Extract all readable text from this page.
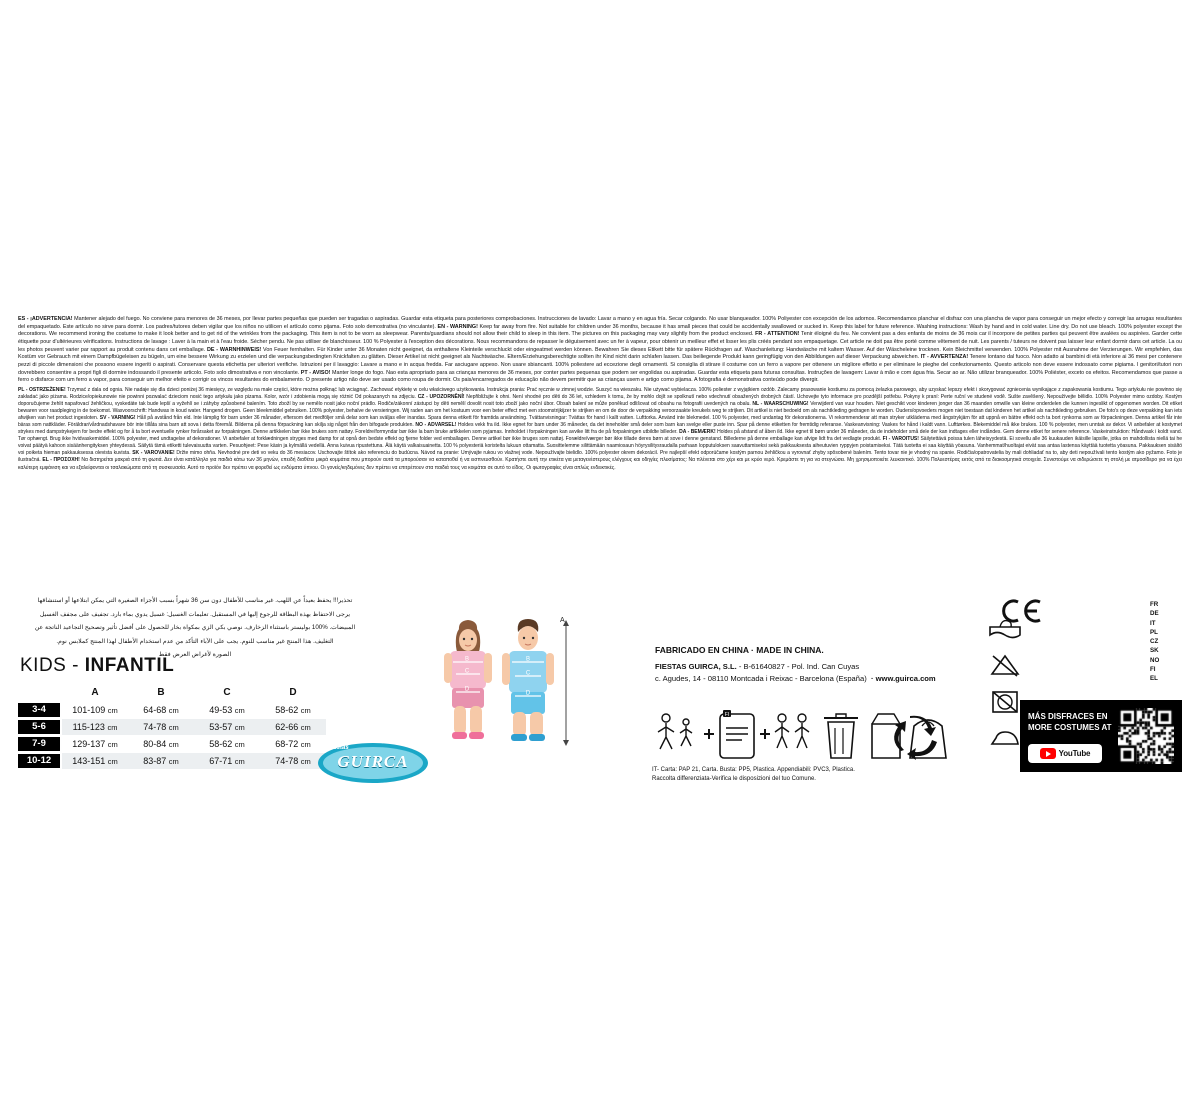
ES - ¡ADVERTENCIA! Mantener alejado del fuego. No conviene para menores de 36 meses, por llevar partes pequeñas que pueden ser tragadas o aspiradas. Guardar esta etiqueta para posteriores comprobaciones. Instrucciones de lavado: Lavar a mano y en agua fría. Secar colgando. No usar blanqueador. 100% Poliyester con excepción de los adornos. Recomendamos planchar el disfraz con una plancha de vapor para conseguir un mejor efecto y corregir las arrugas resultantes del empaquetado. Este artículo no sirve para dormir. Los padres/tutores deben vigilar que los niños no utilicen el artículo como pijama. Foto solo demostrativa (no vinculante). EN - WARNING! Keep far away from fire. Not suitable for children under 36 months, because it has small pieces that could be accidentally swallowed or sucked in. Keep this label for future reference. Washing instructions: Wash by hand and in cold water. Line dry. Do not use bleach. 100% polyester except the decorations. We recommend ironing the costume to make it look better and to get rid of the wrinkles from the packaging. This item is not to be worn as sleepwear. Parents/guardians should not allow their child to sleep in this item. The pictures on this packaging may vary slightly from the product enclosed. FR - ATTENTION! Tenir éloigné du feu. Ne convient pas a des enfants de moins de 36 mois car il incorpore de petites parties qui peuvent être avalées ou aspirées. Garder cette étiquette pour d'ultérieures vérifications. Instructions de lavage : Laver à la main et à l'eau froide. Sécher pendu. Ne pas utiliser de blanchisseur. 100 % Polyester à l'exception des décorations. Nous recommandons de repasser le déguisement avec un fer à vapeur, pour obtenir un meilleur effet et lisser les plis créés pendant son empaquetage. Cet article ne doit pas être porté comme vêtement de nuit. Les parents / tuteurs ne doivent pas laisser leur enfant dormir dans cet article. La ou les photos peuvent varier par rapport au produit contenu dans cet emballage. DE - WARNHINWEIS! Von Feuer fernhalten. Für Kinder unter 36 Monaten nicht geeignet, da enthaltene Kleinteile verschluckt oder eingeatmet werden können. Bewahren Sie dieses Etikett bitte für spätere Rückfragen auf. Waschanleitung: Handwäsche mit kaltem Wasser. Auf der Wäscheleine trocknen. Kein Bleichmittel verwenden. 100% Polyester mit Ausnahme der Verzierungen. Wir empfehlen, das Kostüm vor Gebrauch mit einem Dampfbügeleisen zu bügeln, um eine bessere Wirkung zu erzielen und die verpackungsbedingten Knickfalten zu glätten. Dieser Artikel ist nicht geeignet als Nachtwäsche. Eltern/Erziehungsberechtigte sollten ihr Kind nicht darin schlafen lassen. Das beiliegende Produkt kann geringfügig von den Abbildungen auf dieser Verpackung abweichen. IT - AVVERTENZA! Tenere lontano dal fuoco. Non adatto ai bambini di età inferiore ai 36 mesi per contenere pezzi di piccole dimensioni che possono essere ingeriti o aspirati. Conservare questa etichetta per ulteriori verifiche. Istruzioni per il lavaggio: Lavare a mano e in acqua fredda. Far asciugare appeso. Non usare sbiancanti. 100% poliestere ad eccezione degli ornamenti. Si consiglia di stirare il costume con un ferro a vapore per ottenere un migliore effetto e per eliminare le pieghe del confezionamento. Questo articolo non deve essere indossato come pigiama. I genitori/tutori non dovrebbero consentire a propri figli di dormire indossando il presente articolo. Foto solo dimostrativa e non vincolante. PT - AVISO! Manter longe do fogo. Nao esta apropriado para as crianças menores de 36 meses, por conter partes pequenas que podem ser engolidas ou aspiradas. Guardar esta etiqueta para futuras consultas. Instruções de lavagem: Lavar à mão e com água fria. Secar ao ar. Não utilizar branqueador. 100% Poliéster, exceto os efeitos. Recomendamos que passe a ferro o disfarce com um ferro a vapor, para conseguir um melhor efeito e corrigir os vincos resultantes do embalamento. O presente artigo não deve ser usado como roupa de dormir. Os pais/encarregados de educação não devem permitir que as crianças usem e artigo como pijama. A fotografia é demonstrativa conteúdo pode divergir.

PL - OSTRZEŻENIE! Trzymać z dala od ognia. Nie nadaje się dla dzieci poniżej 36 miesięcy, ze względu na małe części, które można połknąć lub wciągnąć. Zachować etykietę w celu właściwego użytkowania. Instrukcja prania: Prać ręcznie w zimnej wodzie. Suszyć na wieszaku. Nie używać wybielacza. 100% poliester z wyjątkiem ozdób. Zalecamy prasowanie kostiumu za pomocą żelazka parowego, aby uzyskać lepszy efekt i skorygować zgniecenia wynikające z zapakowania kostiumu. Tego artykułu nie powinno się zakładać jako piżama. Rodzice/opiekunowie nie powinni pozwalać dzieciom nosić tego artykułu jako pizama. Kolor, wzór i zdobienia mogą się różnić Od pokazanych na zdjęciu. CZ - UPOZORNĚNÍ! Nepřibližujte k ohni. Není vhodné pro děti do 36 let, vzhledem k tomu, že by mohlo dojít se spolknutí nebo vdechnutí obsažených drobných částí. Uchovejte tyto informace pro pozdější potřebu. Pokyny k praní: Perte ruční ve studené vodě. Sušte zavěšený. Nepoužívejte bělidlo. 100% Polyester mimo ozdoby. Kostým doporučujeme žehlit napařovací žehličkou, vyskedáte tak bude lepší a vyžehlí se i záhyby způsobené balením. Toto zboží by se nemělo nosit jako noční prádlo. Rodiče/zákonní zástupci by děti nemělí dovolit nosit toto zboží jako noční úbor. Obsah balení se může poněkud odlišovat od obsahu na fotografii uvedených na obalu. NL - WAARSCHUWING! Verwijderd van vuur houden. Niet geschikt voor kinderen jonger dan 36 maanden omwille van kleine onderdelen die kunnen ingeslikt of opgenomen worden. Dit etiket bewaren voor raadpleging in de toekomst. Wasvoorschrift: Handwas in koud water. Hangend drogen. Geen bleekmiddel gebruiken. 100% polyester, behalve de versieringen. Wij raden aan om het kostuum voor een beter effect met een stoomstrijkijzer te strijken en om de door de verpakking veroorzaakte kreukels weg te strijken. Dit artikel is niet bedoeld om als nachtkleding gedragen te worden. Ouders/opvoeders mogen niet toestaan dat kinderen het artikel als nachtkleding gebruiken. De foto's op deze verpakking kan iets afwijken van het product ingesloten. SV - VARNING! Håll på avstånd från eld. Inte lämplig för barn under 36 månader, eftersom det medföljer små delar som kan sväljas eller inandas. Spara denna etikett för framtida användning. Tvättanvisningar: Tvättas för hand i kallt vatten. Lufttorka. Använd inte blekmedel. 100 % polyester, med undantag för dekorationerna. Vi rekommenderar att man stryker utkläderna med ångstrykjärn för att uppnå en bättre effekt och ta bort rynkorna som av förpackningen. Denna artikel får inte bäras som nattkläder. Föräldrar/vårdnadshavare bör inte tillåta sina barn att sova i detta föremål. Bilderna på denna förpackning kan skilja sig något från den bifogade produkten. NO - ADVARSEL! Holdes vekk fra ild. Ikke egnet for barn under 36 måneder, da det inneholder små deler som barn kan svelge eller puste inn. Spar på denne etiketten for fremtidig referanse. Vaskeanvisning: Vaskes for hånd i kaldt vann. Lufttørkes. Blekemiddel må ikke brukes. 100 % polyester, men unntak av dekor. Vi anbefaler at kostymet strykes med dampstrykejern for bedre effekt og for å ta bort eventuelle rynker forårsaket av forpakningen. Denne artikkelen bør ikke brukes som nattøy. Foreldre/formyndar bør ikke la barn bruke artikkelen som pyjamas. Innholdet i forpakningen kan avvike litt fra de på forpakningen utbildte billeder. DA - BEMÆRK! Holdes på afstand af åben ild. Ikke egnet til børn under 36 måneder, da de indeholder små dele der kan indtages eller indåndes. Gem denne etiket for senere reference. Vaskeinstruktion: Håndvask i koldt vand. Tør ophængt. Brug ikke hvidvaskemiddel. 100% polyester, med undtagelse af dekorationer. Vi anbefaler at forklædningen stryges med damp for at opnå den bedste effekt og fjerne folder ved emballagen. Denne artikel bør ikke bruges som nattøj. Forældre/værger bør ikke tillade deres børn at sove i denne genstand. Billederne på denne emballage kan afvige lidt fra det vedlagte produkt. FI - VAROITUS! Säilytettävä poissa tulen läheisyydestä. Ei sovellu alle 36 kuukauden ikäisille lapsille, jotka on mahdollista niellä tai he voivat päätyä kahoon sisäänhengityksen yhteydessä. Säilytä tämä etiketti tulevaisuutta varten. Pesuohjeet: Pese käsin ja kylmällä vedellä. Anna kuivua ripustettuna. Älä käytä valkaisuainetta. 100 % polyesteriä koristelta lukuun ottamatta. Suosittelemme silittämään naamiosaun höyrysilitysraudalla parhaan lopputuloksen saavuttamiseksi sekä pakkauksesta aiheutuvien ryppyjen poistamiseksi. Tätä tuotetta ei saa käyttää yöasuna. Vanhemmat/huoltajat eivät saa antaa lastensa käyttää tuotetta yöasuna. Pakkauksen sisältö voi poiketa hieman pakkauksessa olevista kuvista. SK - VAROVANIE! Držte mimo ohňa. Nevhodné pre deti vo veku do 36 mesiacov. Uschovajte štítok ako referenciu do budúcna. Návod na pranie: Umývajte rukou vo vlažnej vode. Nepoužívajte bielidlo. 100% polyester okrem dekorácií. Pre najlepší efekt odporúčame kostým parnou žehličkou a vyrovnať zhyby spôsobené balením. Tento tovar nie je vhodný na spanie. Rodičia/opatrovatelia by mali dohliadať na to, aby deti nepoužívali tento kostým ako pyžamo. Foto je ilustračná. EL - ΠΡΟΣΟΧΗ! Να διατηρείται μακριά από τη φωτιά. Δεν είναι κατάλληλο για παιδιά κάτω των 36 μηνών, επειδή διαθέτει μικρά κομμάτια που μπορούν αυτά τα μπορούσαν να καταποθεί ή να εισπνευσθούν. Κρατήστε αυτή την ετικέτα για μεταγενέστερους ελέγχους και οδηγίες πλυσίματος: Να πλένεται στο χέρι και με κρύο νερό. Κρεμάστε τη για να στεγνώσει. Μη χρησιμοποιείτε λευκαντικό. 100% Πολυεστέρας εκτός από τα διακοσμητικά στοιχεία. Συνιστούμε να σιδερώσετε τη στολή με ατμοσίδερο για να έχει καλύτερη εμφάνιση και να εξαλείφονται οι τσαλακώματα από τη συσκευασία. Αυτό το προϊόν δεν πρέπει να φορεθεί ως ενδύματα ύπνου. Οι γονείς/κηδεμόνες δεν πρέπει να επιτρέπουν στα παιδιά τους να κοιμάται σε αυτό το είδος. Οι φωτογραφίες είναι απλώς ενδεικτικές.

تحذير!!! يحفظ بعيداً عن اللهب. غير مناسب للأطفال دون سن 36 شهراً بسبب الأجزاء الصغيرة التي يمكن ابتلاعها أو استنشاقها

يرجى الاحتفاظ بهذة البطاقة للرجوع إليها في المستقبل. تعليمات الغسيل: غسيل يدوي بماء بارد. تجفيف على مجفف الغسيل

المبيضات. %100 بوليستر باستثناء الزخارف. نوصي بكي الزي بمكواة بخار للحصول على أفضل تأثير وتصحيح التجاعيد الناتجة عن

التغليف. هذا المنتج غير مناسب للنوم. يجب على الآباء التأكد من عدم استخدام الأطفال لهذا المنتج كملابس نوم.

الصورة لأغراض العرض فقط

KIDS - INFANTIL
	A	B	C	D

3-4	101-109 cm	64-68 cm	49-53 cm	58-62 cm

5-6	115-123 cm	74-78 cm	53-57 cm	62-66 cm

7-9	129-137 cm	80-84 cm	58-62 cm	68-72 cm

10-12	143-151 cm	83-87 cm	67-71 cm	74-78 cm
Fiestas
GUIRCA
B
C
D
B
C
D
A
FABRICADO EN CHINA · MADE IN CHINA.
FIESTAS GUIRCA, S.L. - B-61640827 - Pol. Ind. Can Cuyas
c. Agudes, 14 - 08110 Montcada i Reixac - Barcelona (España)  · www.guirca.com
FI
IT- Carta: PAP 21, Carta. Busta: PP5, Plastica. Appendiabili: PVC3, Plastica.
Raccolta differenziata-Verifica le disposizioni del tuo Comune.
FR
DE
IT
PL
CZ
SK
NO
FI
EL
MÁS DISFRACES EN
MORE COSTUMES AT
YouTube
